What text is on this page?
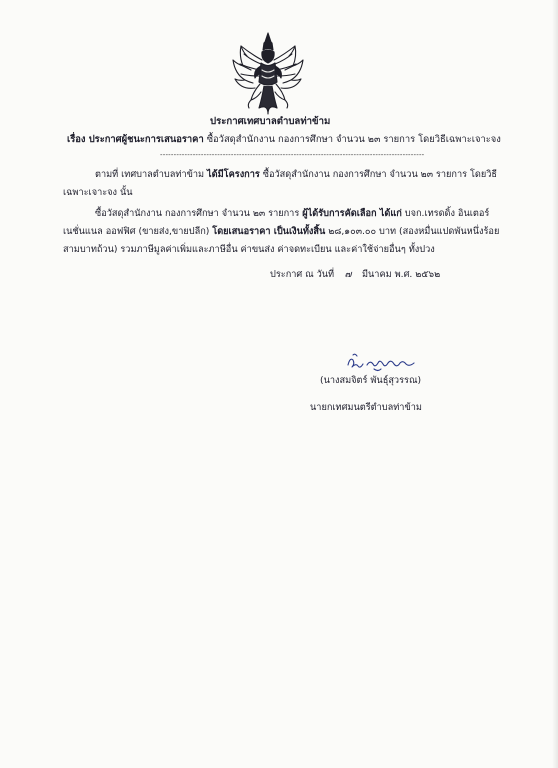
ประกาศเทศบาลตำบลท่าข้าม
เรื่อง ประกาศผู้ชนะการเสนอราคา ซื้อวัสดุสำนักงาน กองการศึกษา จำนวน ๒๓ รายการ โดยวิธีเฉพาะเจาะจง
-------------------------------------------------------------------------------------------------
ตามที่ เทศบาลตำบลท่าข้าม ได้มีโครงการ ซื้อวัสดุสำนักงาน กองการศึกษา จำนวน ๒๓ รายการ โดยวิธี
เฉพาะเจาะจง นั้น
ซื้อวัสดุสำนักงาน กองการศึกษา จำนวน ๒๓ รายการ ผู้ได้รับการคัดเลือก ได้แก่ บจก.เทรดดิ้ง อินเตอร์
เนชั่นแนล ออฟฟิศ (ขายส่ง,ขายปลีก) โดยเสนอราคา เป็นเงินทั้งสิ้น ๒๘,๑๐๓.๐๐ บาท (สองหมื่นแปดพันหนึ่งร้อย
สามบาทถ้วน) รวมภาษีมูลค่าเพิ่มและภาษีอื่น ค่าขนส่ง ค่าจดทะเบียน และค่าใช้จ่ายอื่นๆ ทั้งปวง
ประกาศ ณ วันที่ ๗ มีนาคม พ.ศ. ๒๕๖๒
(นางสมจิตร์ พันธุ์สุวรรณ)
นายกเทศมนตรีตำบลท่าข้าม
